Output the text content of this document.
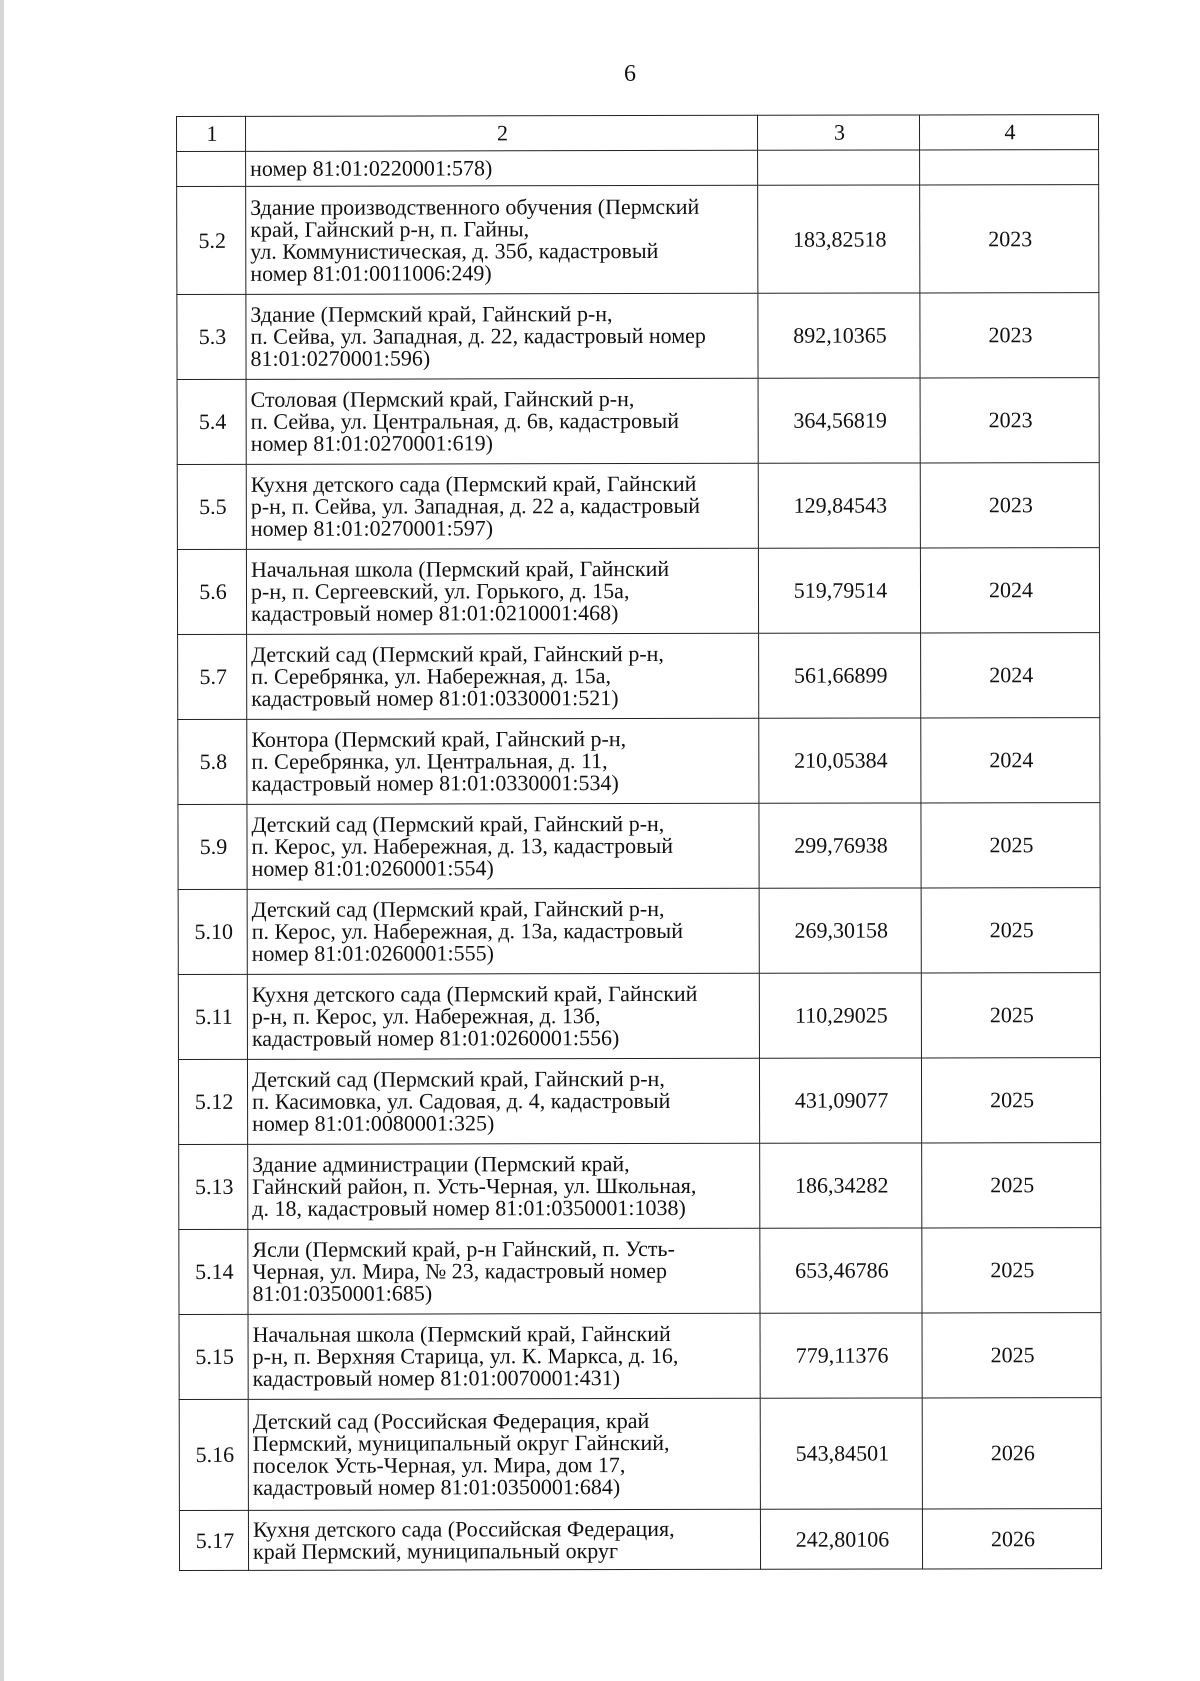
6
1	2	3	4

	номер 81:01:0220001:578)		

5.2	Здание производственного обучения (Пермский
край, Гайнский р-н, п. Гайны,
ул. Коммунистическая, д. 35б, кадастровый
номер 81:01:0011006:249)	183,82518	2023
5.3	Здание (Пермский край, Гайнский р-н,
п. Сейва, ул. Западная, д. 22, кадастровый номер
81:01:0270001:596)	892,10365	2023
5.4	Столовая (Пермский край, Гайнский р-н,
п. Сейва, ул. Центральная, д. 6в, кадастровый
номер 81:01:0270001:619)	364,56819	2023
5.5	Кухня детского сада (Пермский край, Гайнский
р-н, п. Сейва, ул. Западная, д. 22 а, кадастровый
номер 81:01:0270001:597)	129,84543	2023
5.6	Начальная школа (Пермский край, Гайнский
р-н, п. Сергеевский, ул. Горького, д. 15а,
кадастровый номер 81:01:0210001:468)	519,79514	2024
5.7	Детский сад (Пермский край, Гайнский р-н,
п. Серебрянка, ул. Набережная, д. 15а,
кадастровый номер 81:01:0330001:521)	561,66899	2024
5.8	Контора (Пермский край, Гайнский р-н,
п. Серебрянка, ул. Центральная, д. 11,
кадастровый номер 81:01:0330001:534)	210,05384	2024
5.9	Детский сад (Пермский край, Гайнский р-н,
п. Керос, ул. Набережная, д. 13, кадастровый
номер 81:01:0260001:554)	299,76938	2025
5.10	Детский сад (Пермский край, Гайнский р-н,
п. Керос, ул. Набережная, д. 13а, кадастровый
номер 81:01:0260001:555)	269,30158	2025
5.11	Кухня детского сада (Пермский край, Гайнский
р-н, п. Керос, ул. Набережная, д. 13б,
кадастровый номер 81:01:0260001:556)	110,29025	2025
5.12	Детский сад (Пермский край, Гайнский р-н,
п. Касимовка, ул. Садовая, д. 4, кадастровый
номер 81:01:0080001:325)	431,09077	2025
5.13	Здание администрации (Пермский край,
Гайнский район, п. Усть-Черная, ул. Школьная,
д. 18, кадастровый номер 81:01:0350001:1038)	186,34282	2025
5.14	Ясли (Пермский край, р-н Гайнский, п. Усть-
Черная, ул. Мира, № 23, кадастровый номер
81:01:0350001:685)	653,46786	2025
5.15	Начальная школа (Пермский край, Гайнский
р-н, п. Верхняя Старица, ул. К. Маркса, д. 16,
кадастровый номер 81:01:0070001:431)	779,11376	2025
5.16	Детский сад (Российская Федерация, край
Пермский, муниципальный округ Гайнский,
поселок Усть-Черная, ул. Мира, дом 17,
кадастровый номер 81:01:0350001:684)	543,84501	2026
5.17	Кухня детского сада (Российская Федерация,
край Пермский, муниципальный округ	242,80106	2026
